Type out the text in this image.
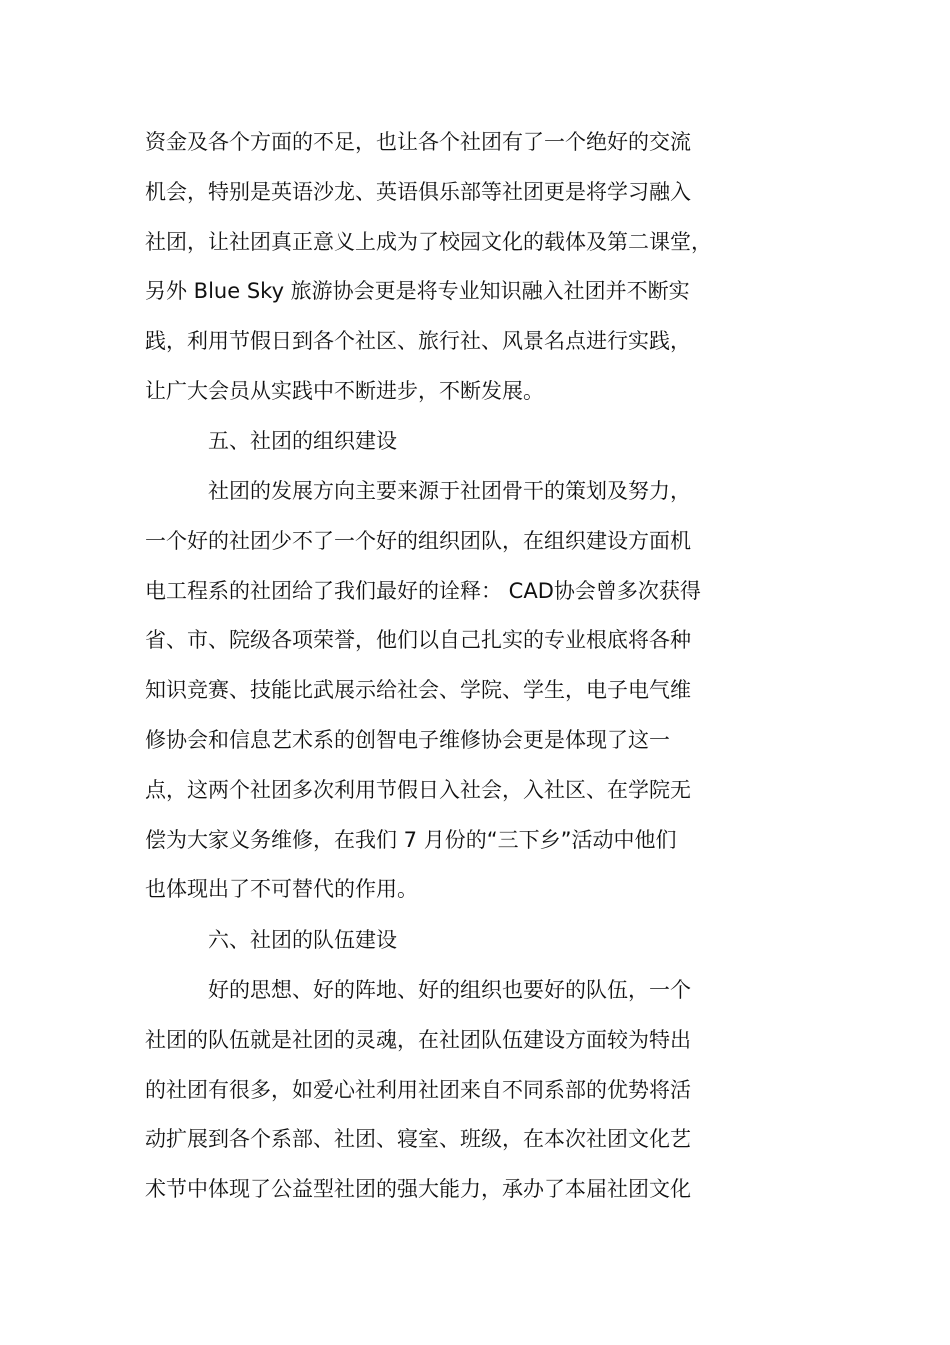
资金及各个方面的不足，也让各个社团有了一个绝好的交流
机会，特别是英语沙龙、英语俱乐部等社团更是将学习融入
社团，让社团真正意义上成为了校园文化的载体及第二课堂，
另外 Blue Sky 旅游协会更是将专业知识融入社团并不断实
践，利用节假日到各个社区、旅行社、风景名点进行实践，
让广大会员从实践中不断进步，不断发展。
五、社团的组织建设
社团的发展方向主要来源于社团骨干的策划及努力，
一个好的社团少不了一个好的组织团队，在组织建设方面机
电工程系的社团给了我们最好的诠释： CAD协会曾多次获得
省、市、院级各项荣誉，他们以自己扎实的专业根底将各种
知识竞赛、技能比武展示给社会、学院、学生，电子电气维
修协会和信息艺术系的创智电子维修协会更是体现了这一
点，这两个社团多次利用节假日入社会，入社区、在学院无
偿为大家义务维修，在我们 7 月份的“三下乡”活动中他们
也体现出了不可替代的作用。
六、社团的队伍建设
好的思想、好的阵地、好的组织也要好的队伍，一个
社团的队伍就是社团的灵魂，在社团队伍建设方面较为特出
的社团有很多，如爱心社利用社团来自不同系部的优势将活
动扩展到各个系部、社团、寝室、班级，在本次社团文化艺
术节中体现了公益型社团的强大能力，承办了本届社团文化
